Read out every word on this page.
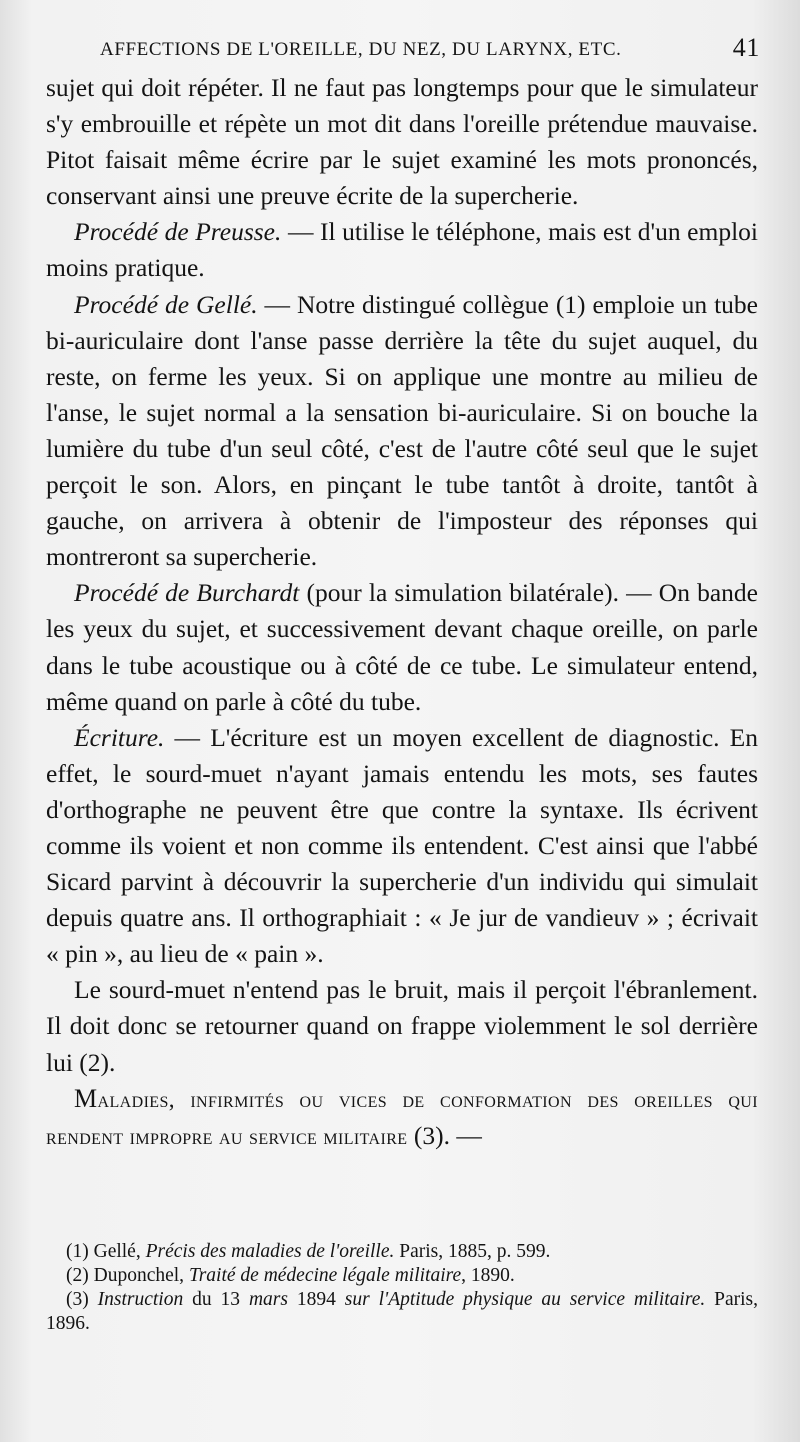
AFFECTIONS DE L'OREILLE, DU NEZ, DU LARYNX, ETC.	41

sujet qui doit répéter. Il ne faut pas longtemps pour que le simulateur s'y embrouille et répète un mot dit dans l'oreille prétendue mauvaise. Pitot faisait même écrire par le sujet examiné les mots prononcés, conservant ainsi une preuve écrite de la supercherie.

Procédé de Preusse. — Il utilise le téléphone, mais est d'un emploi moins pratique.

Procédé de Gellé. — Notre distingué collègue (1) emploie un tube bi-auriculaire dont l'anse passe derrière la tête du sujet auquel, du reste, on ferme les yeux. Si on applique une montre au milieu de l'anse, le sujet normal a la sensation bi-auriculaire. Si on bouche la lumière du tube d'un seul côté, c'est de l'autre côté seul que le sujet perçoit le son. Alors, en pinçant le tube tantôt à droite, tantôt à gauche, on arrivera à obtenir de l'imposteur des réponses qui montreront sa supercherie.

Procédé de Burchardt (pour la simulation bilatérale). — On bande les yeux du sujet, et successivement devant chaque oreille, on parle dans le tube acoustique ou à côté de ce tube. Le simulateur entend, même quand on parle à côté du tube.

Écriture. — L'écriture est un moyen excellent de diagnostic. En effet, le sourd-muet n'ayant jamais entendu les mots, ses fautes d'orthographe ne peuvent être que contre la syntaxe. Ils écrivent comme ils voient et non comme ils entendent. C'est ainsi que l'abbé Sicard parvint à découvrir la supercherie d'un individu qui simulait depuis quatre ans. Il orthographiait : « Je jur de vandieuv » ; écrivait « pin », au lieu de « pain ».

Le sourd-muet n'entend pas le bruit, mais il perçoit l'ébranlement. Il doit donc se retourner quand on frappe violemment le sol derrière lui (2).

Maladies, infirmités ou vices de conformation des oreilles qui rendent impropre au service militaire (3). —

(1) Gellé, Précis des maladies de l'oreille. Paris, 1885, p. 599.

(2) Duponchel, Traité de médecine légale militaire, 1890.

(3) Instruction du 13 mars 1894 sur l'Aptitude physique au service militaire. Paris, 1896.
